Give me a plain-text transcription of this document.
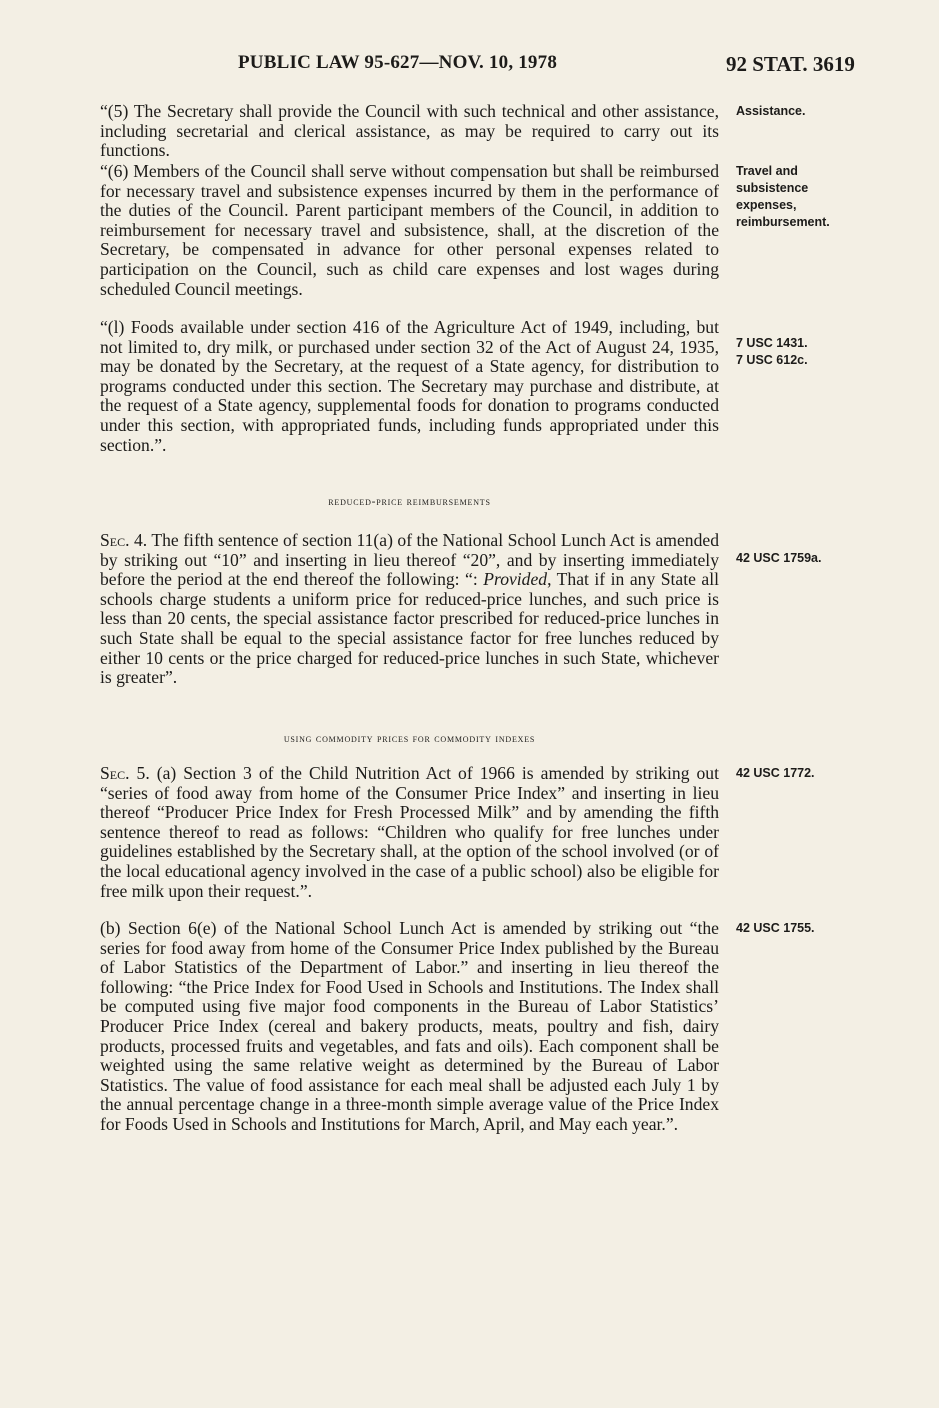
PUBLIC LAW 95-627—NOV. 10, 1978	92 STAT. 3619

“(5) The Secretary shall provide the Council with such technical and other assistance, including secretarial and clerical assistance, as may be required to carry out its functions.

“(6) Members of the Council shall serve without compensation but shall be reimbursed for necessary travel and subsistence expenses incurred by them in the performance of the duties of the Council. Parent participant members of the Council, in addition to reimbursement for necessary travel and subsistence, shall, at the discretion of the Secretary, be compensated in advance for other personal expenses related to participation on the Council, such as child care expenses and lost wages during scheduled Council meetings.

“(l) Foods available under section 416 of the Agriculture Act of 1949, including, but not limited to, dry milk, or purchased under section 32 of the Act of August 24, 1935, may be donated by the Secretary, at the request of a State agency, for distribution to programs conducted under this section. The Secretary may purchase and distribute, at the request of a State agency, supplemental foods for donation to programs conducted under this section, with appropriated funds, including funds appropriated under this section.”.

reduced-price reimbursements

Sec. 4. The fifth sentence of section 11(a) of the National School Lunch Act is amended by striking out “10” and inserting in lieu thereof “20”, and by inserting immediately before the period at the end thereof the following: “: Provided, That if in any State all schools charge students a uniform price for reduced-price lunches, and such price is less than 20 cents, the special assistance factor prescribed for reduced-price lunches in such State shall be equal to the special assistance factor for free lunches reduced by either 10 cents or the price charged for reduced-price lunches in such State, whichever is greater”.

using commodity prices for commodity indexes

Sec. 5. (a) Section 3 of the Child Nutrition Act of 1966 is amended by striking out “series of food away from home of the Consumer Price Index” and inserting in lieu thereof “Producer Price Index for Fresh Processed Milk” and by amending the fifth sentence thereof to read as follows: “Children who qualify for free lunches under guidelines established by the Secretary shall, at the option of the school involved (or of the local educational agency involved in the case of a public school) also be eligible for free milk upon their request.”.

(b) Section 6(e) of the National School Lunch Act is amended by striking out “the series for food away from home of the Consumer Price Index published by the Bureau of Labor Statistics of the Department of Labor.” and inserting in lieu thereof the following: “the Price Index for Food Used in Schools and Institutions. The Index shall be computed using five major food components in the Bureau of Labor Statistics’ Producer Price Index (cereal and bakery products, meats, poultry and fish, dairy products, processed fruits and vegetables, and fats and oils). Each component shall be weighted using the same relative weight as determined by the Bureau of Labor Statistics. The value of food assistance for each meal shall be adjusted each July 1 by the annual percentage change in a three-month simple average value of the Price Index for Foods Used in Schools and Institutions for March, April, and May each year.”.

Assistance.
Travel and
subsistence
expenses,
reimbursement.
7 USC 1431.
7 USC 612c.
42 USC 1759a.
42 USC 1772.
42 USC 1755.
